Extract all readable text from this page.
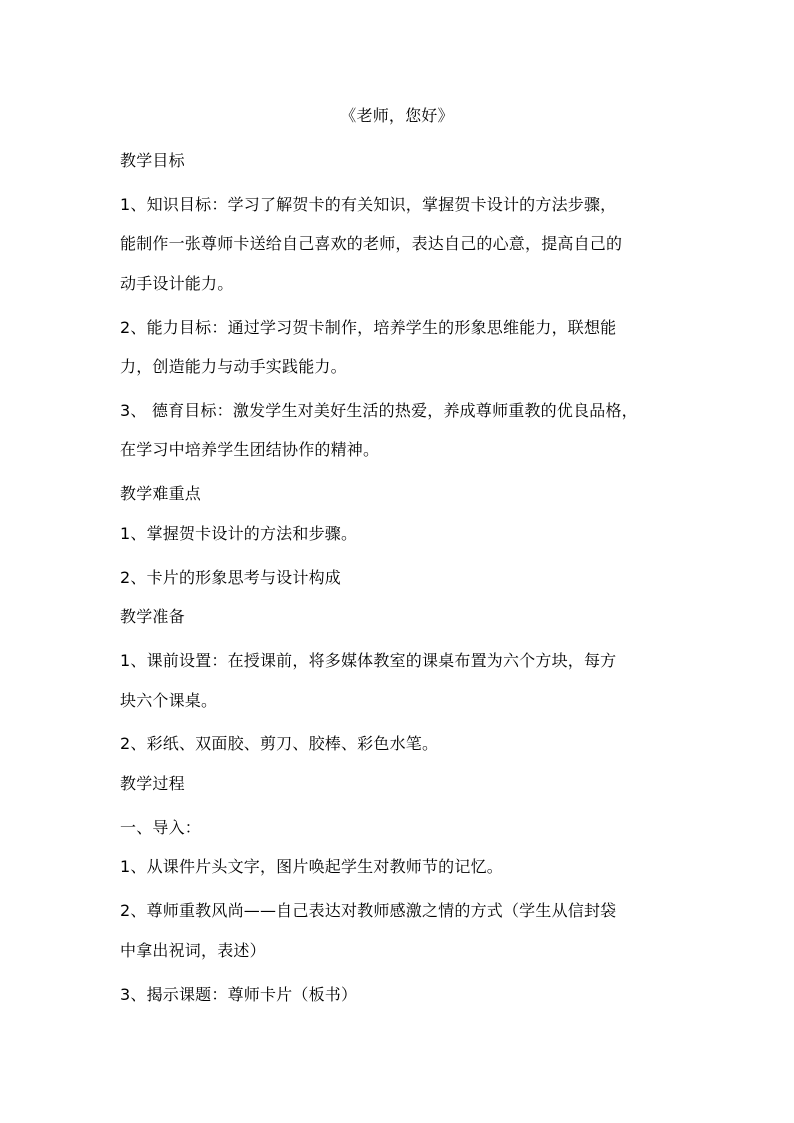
《老师，您好》
教学目标
1、知识目标：学习了解贺卡的有关知识，掌握贺卡设计的方法步骤，
能制作一张尊师卡送给自己喜欢的老师，表达自己的心意，提高自己的
动手设计能力。
2、能力目标：通过学习贺卡制作，培养学生的形象思维能力，联想能
力，创造能力与动手实践能力。
3、 德育目标：激发学生对美好生活的热爱，养成尊师重教的优良品格，
在学习中培养学生团结协作的精神。
教学难重点
1、掌握贺卡设计的方法和步骤。
2、卡片的形象思考与设计构成
教学准备
1、课前设置：在授课前，将多媒体教室的课桌布置为六个方块，每方
块六个课桌。
2、彩纸、双面胶、剪刀、胶棒、彩色水笔。
教学过程
一、导入：
1、从课件片头文字，图片唤起学生对教师节的记忆。
2、尊师重教风尚——自己表达对教师感激之情的方式（学生从信封袋
中拿出祝词，表述）
3、揭示课题：尊师卡片（板书）
